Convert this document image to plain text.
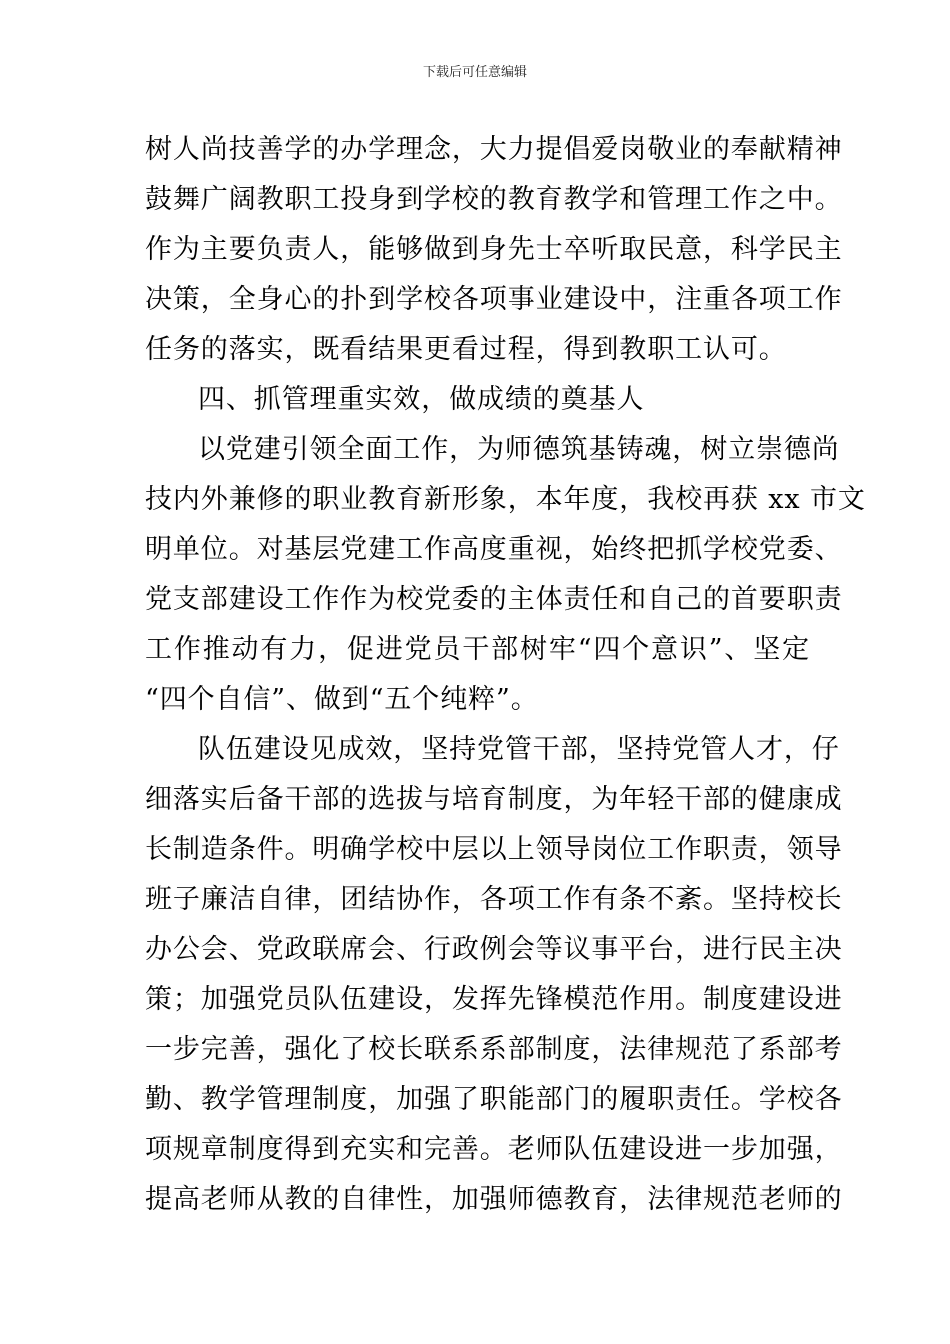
下载后可任意编辑
树人尚技善学的办学理念，大力提倡爱岗敬业的奉献精神
鼓舞广阔教职工投身到学校的教育教学和管理工作之中。
作为主要负责人，能够做到身先士卒听取民意，科学民主
决策，全身心的扑到学校各项事业建设中，注重各项工作
任务的落实，既看结果更看过程，得到教职工认可。
四、抓管理重实效，做成绩的奠基人
以党建引领全面工作，为师德筑基铸魂，树立崇德尚
技内外兼修的职业教育新形象，本年度，我校再获 xx 市文
明单位。对基层党建工作高度重视，始终把抓学校党委、
党支部建设工作作为校党委的主体责任和自己的首要职责
工作推动有力，促进党员干部树牢“四个意识”、坚定
“四个自信”、做到“五个纯粹”。
队伍建设见成效，坚持党管干部，坚持党管人才，仔
细落实后备干部的选拔与培育制度，为年轻干部的健康成
长制造条件。明确学校中层以上领导岗位工作职责，领导
班子廉洁自律，团结协作，各项工作有条不紊。坚持校长
办公会、党政联席会、行政例会等议事平台，进行民主决
策；加强党员队伍建设，发挥先锋模范作用。制度建设进
一步完善，强化了校长联系系部制度，法律规范了系部考
勤、教学管理制度，加强了职能部门的履职责任。学校各
项规章制度得到充实和完善。老师队伍建设进一步加强，
提高老师从教的自律性，加强师德教育，法律规范老师的
